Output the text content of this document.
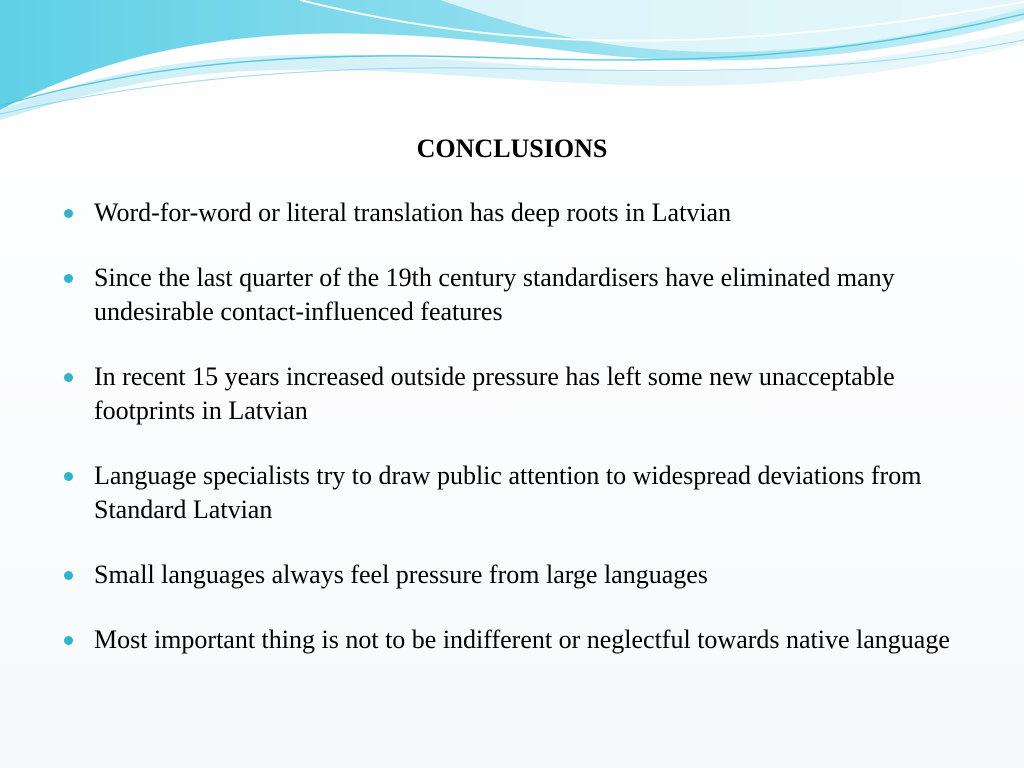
CONCLUSIONS
Word-for-word or literal translation has deep roots in Latvian
Since the last quarter of the 19th century standardisers have eliminated many undesirable contact-influenced features
In recent 15 years increased outside pressure has left some new unacceptable footprints in Latvian
Language specialists try to draw public attention to widespread deviations from Standard Latvian
Small languages always feel pressure from large languages
Most important thing is not to be indifferent or neglectful towards native language
